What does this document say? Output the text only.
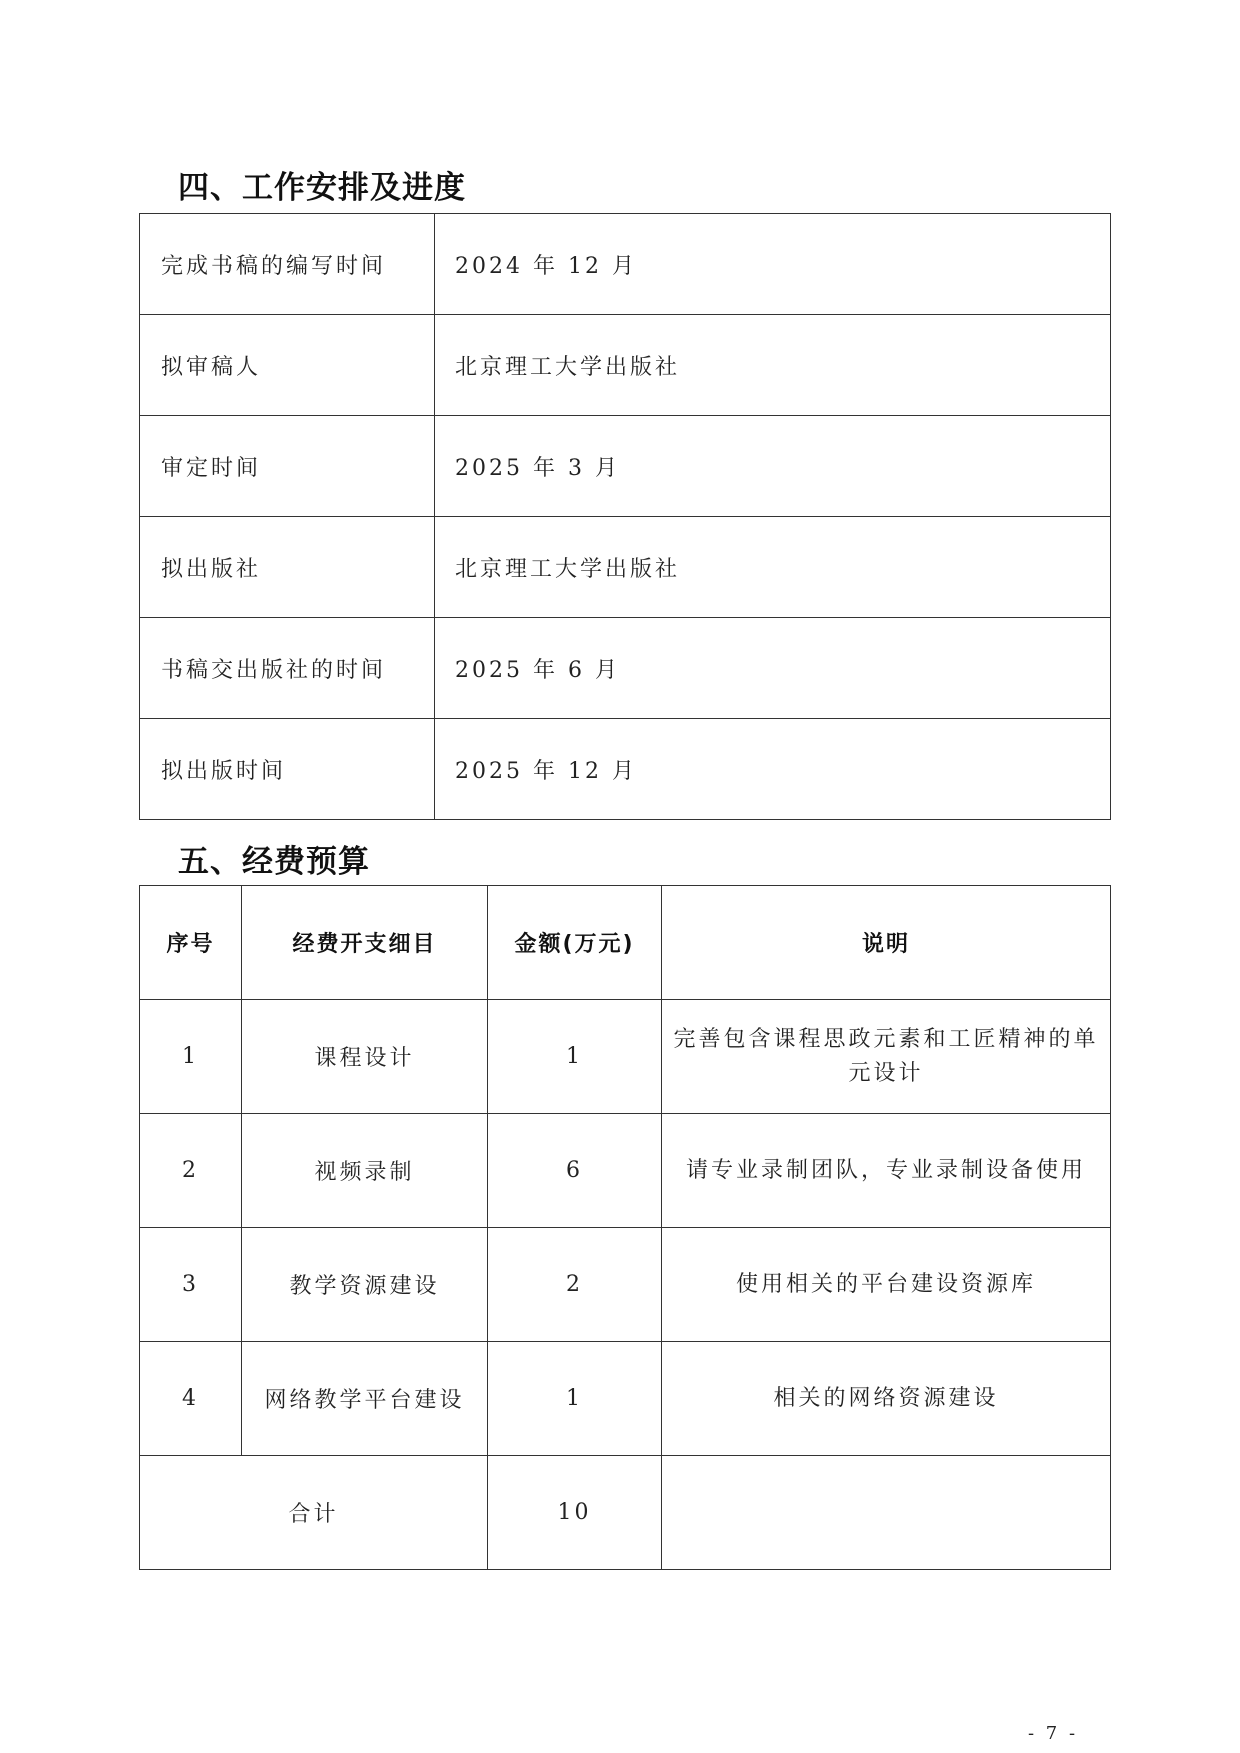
四、工作安排及进度
完成书稿的编写时间	2024 年 12 月
拟审稿人	北京理工大学出版社
审定时间	2025 年 3 月
拟出版社	北京理工大学出版社
书稿交出版社的时间	2025 年 6 月
拟出版时间	2025 年 12 月
五、经费预算
序号	经费开支细目	金额(万元)	说明
1	课程设计	1	完善包含课程思政元素和工匠精神的单元设计
2	视频录制	6	请专业录制团队，专业录制设备使用
3	教学资源建设	2	使用相关的平台建设资源库
4	网络教学平台建设	1	相关的网络资源建设
合计		10	
- 7 -
